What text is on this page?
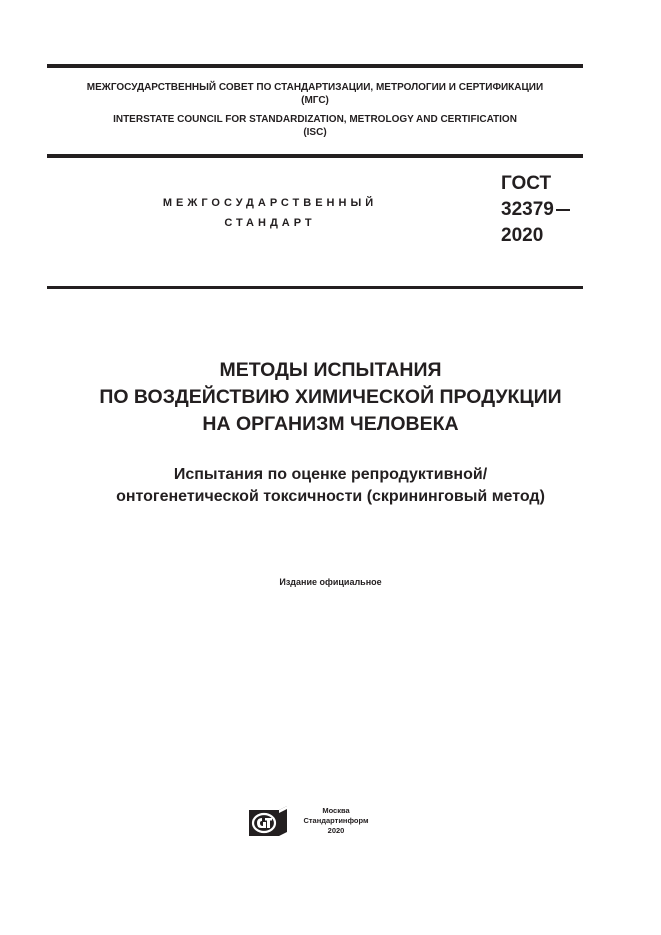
МЕЖГОСУДАРСТВЕННЫЙ СОВЕТ ПО СТАНДАРТИЗАЦИИ, МЕТРОЛОГИИ И СЕРТИФИКАЦИИ
(МГС)
INTERSTATE COUNCIL FOR STANDARDIZATION, METROLOGY AND CERTIFICATION
(ISC)
МЕЖГОСУДАРСТВЕННЫЙ
СТАНДАРТ
ГОСТ
32379
2020
МЕТОДЫ ИСПЫТАНИЯ
ПО ВОЗДЕЙСТВИЮ ХИМИЧЕСКОЙ ПРОДУКЦИИ
НА ОРГАНИЗМ ЧЕЛОВЕКА
Испытания по оценке репродуктивной/
онтогенетической токсичности (скрининговый метод)
Издание официальное
Москва
Стандартинформ
2020
